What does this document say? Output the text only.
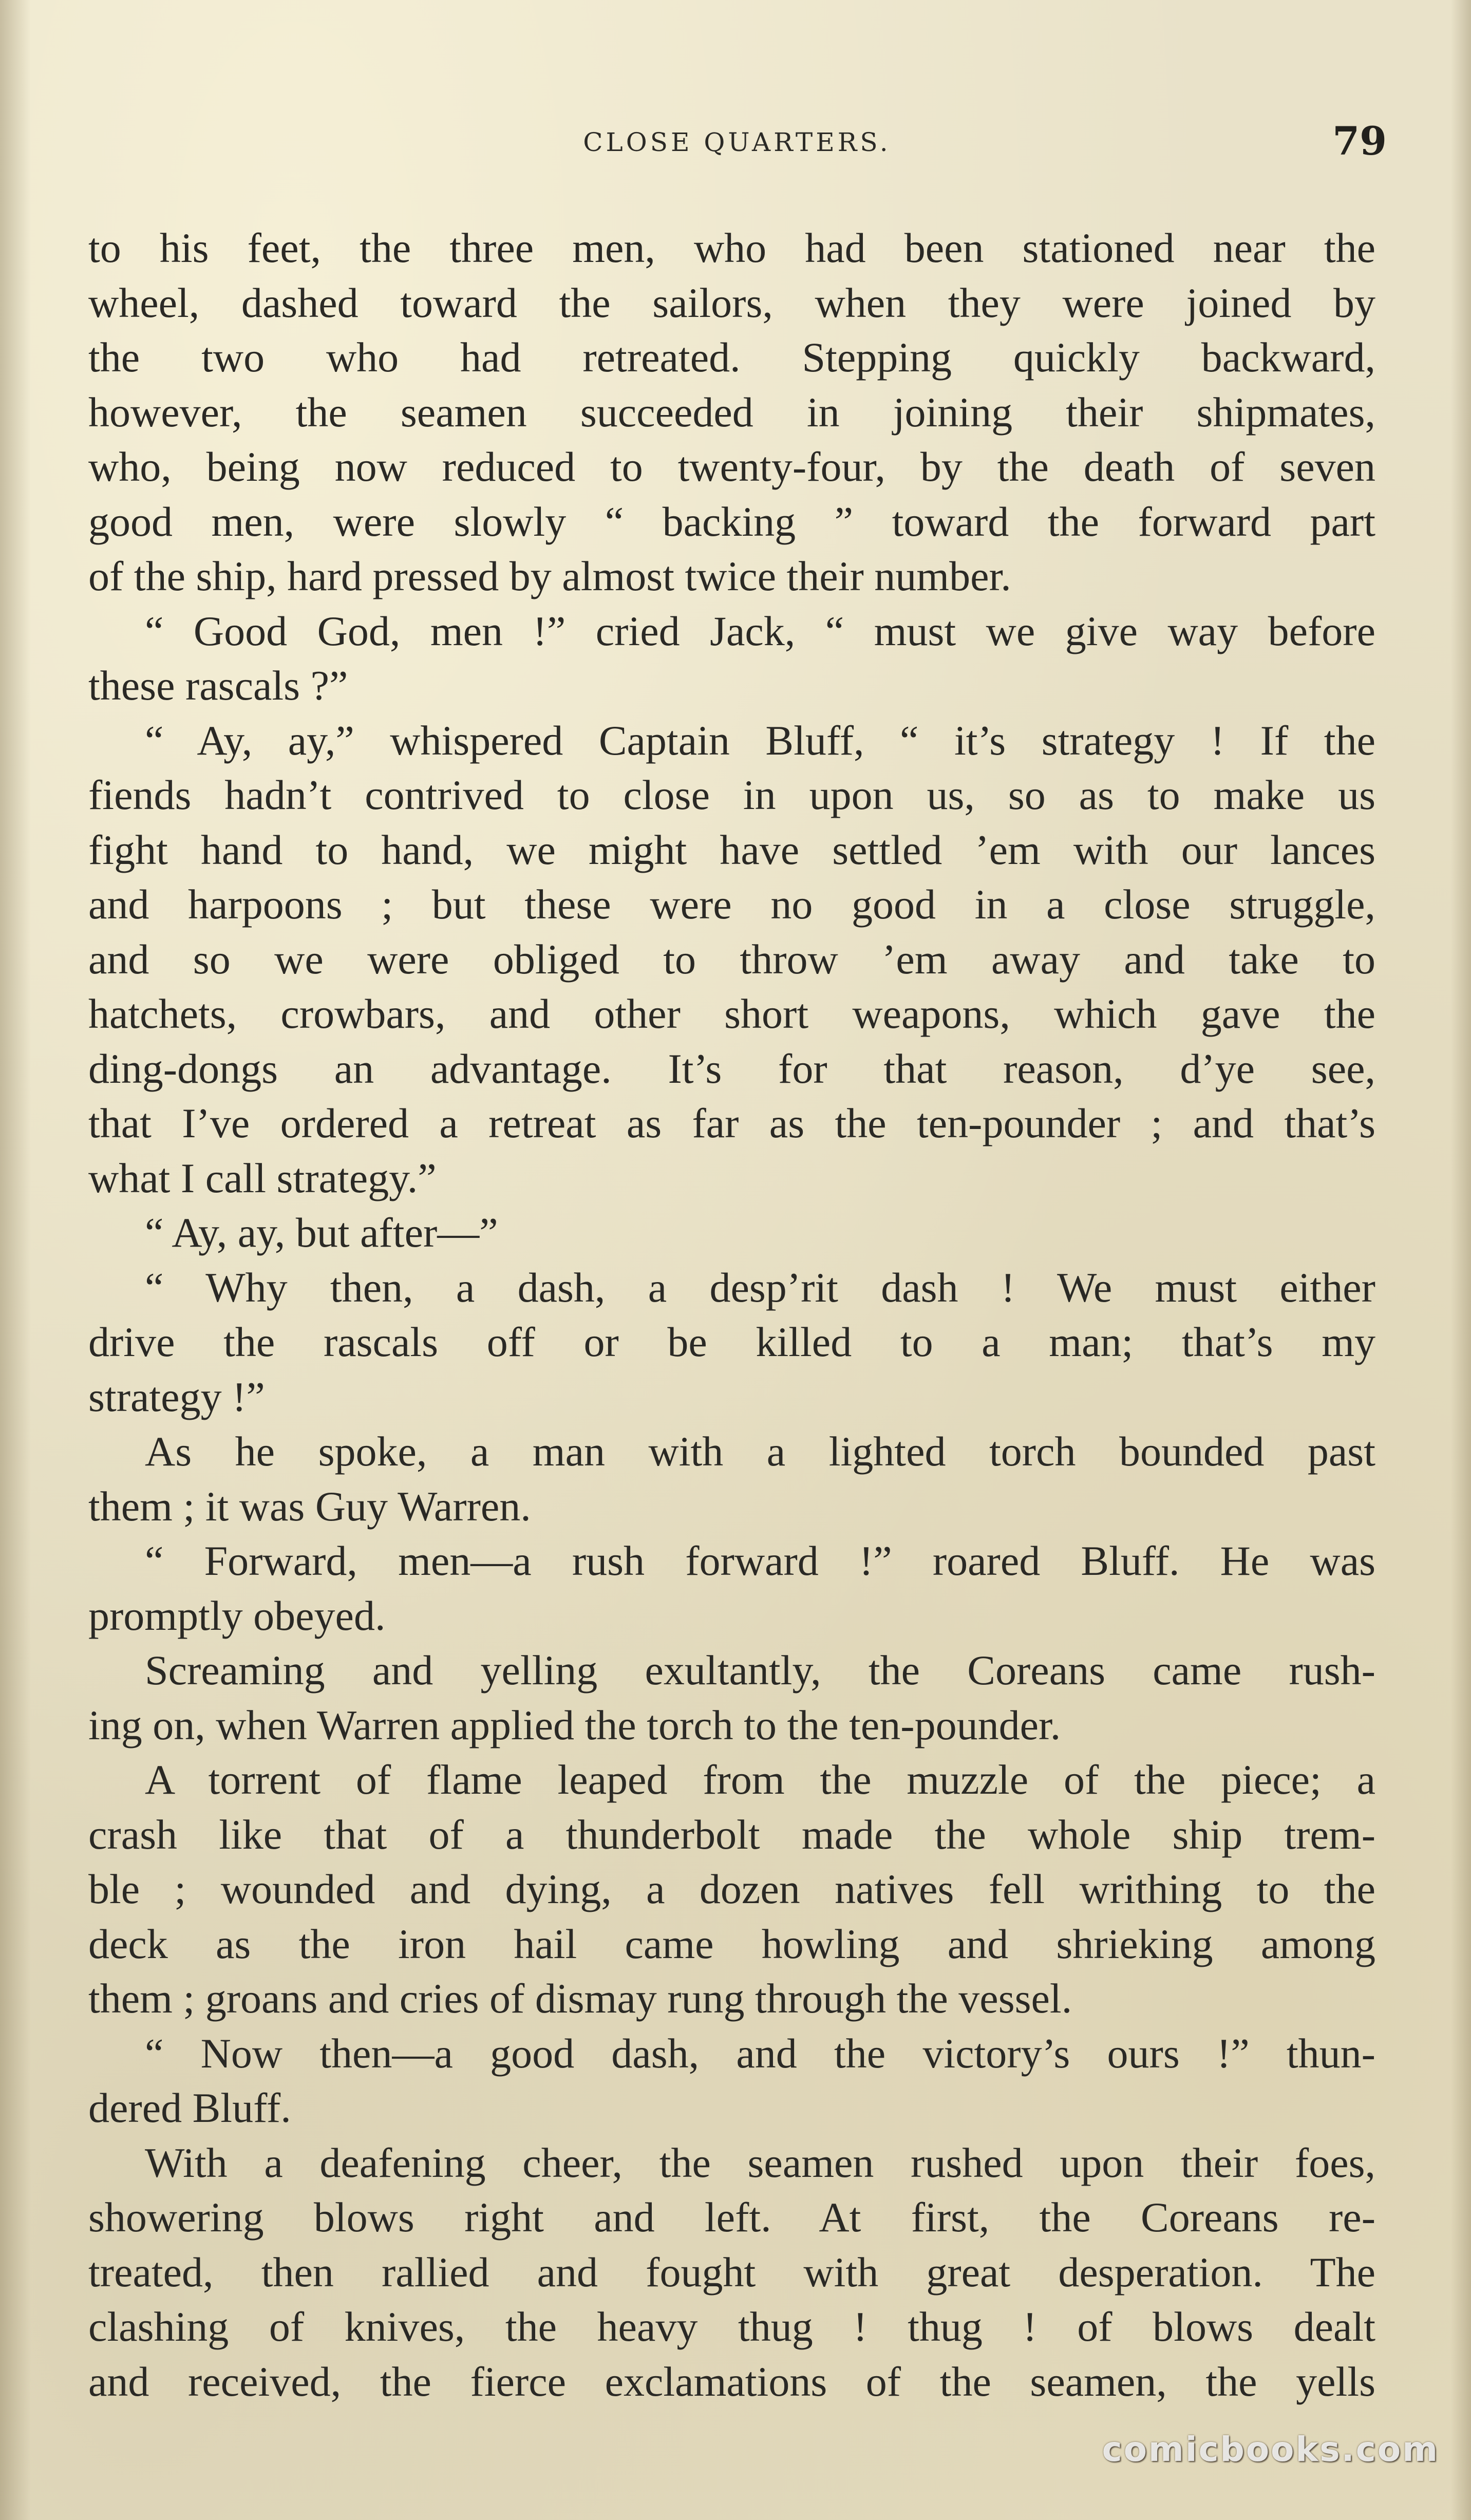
CLOSE QUARTERS.	79
to his feet, the three men, who had been stationed near the
wheel, dashed toward the sailors, when they were joined by
the two who had retreated. Stepping quickly backward,
however, the seamen succeeded in joining their shipmates,
who, being now reduced to twenty-four, by the death of seven
good men, were slowly “ backing ” toward the forward part
of the ship, hard pressed by almost twice their number.
“ Good God, men !” cried Jack, “ must we give way before
these rascals ?”
“ Ay, ay,” whispered Captain Bluff, “ it’s strategy ! If the
fiends hadn’t contrived to close in upon us, so as to make us
fight hand to hand, we might have settled ’em with our lances
and harpoons ; but these were no good in a close struggle,
and so we were obliged to throw ’em away and take to
hatchets, crowbars, and other short weapons, which gave the
ding-dongs an advantage. It’s for that reason, d’ye see,
that I’ve ordered a retreat as far as the ten-pounder ; and that’s
what I call strategy.”
“ Ay, ay, but after—”
“ Why then, a dash, a desp’rit dash ! We must either
drive the rascals off or be killed to a man; that’s my
strategy !”
As he spoke, a man with a lighted torch bounded past
them ; it was Guy Warren.
“ Forward, men—a rush forward !” roared Bluff. He was
promptly obeyed.
Screaming and yelling exultantly, the Coreans came rush-
ing on, when Warren applied the torch to the ten-pounder.
A torrent of flame leaped from the muzzle of the piece; a
crash like that of a thunderbolt made the whole ship trem-
ble ; wounded and dying, a dozen natives fell writhing to the
deck as the iron hail came howling and shrieking among
them ; groans and cries of dismay rung through the vessel.
“ Now then—a good dash, and the victory’s ours !” thun-
dered Bluff.
With a deafening cheer, the seamen rushed upon their foes,
showering blows right and left. At first, the Coreans re-
treated, then rallied and fought with great desperation. The
clashing of knives, the heavy thug ! thug ! of blows dealt
and received, the fierce exclamations of the seamen, the yells
comicbooks.com
